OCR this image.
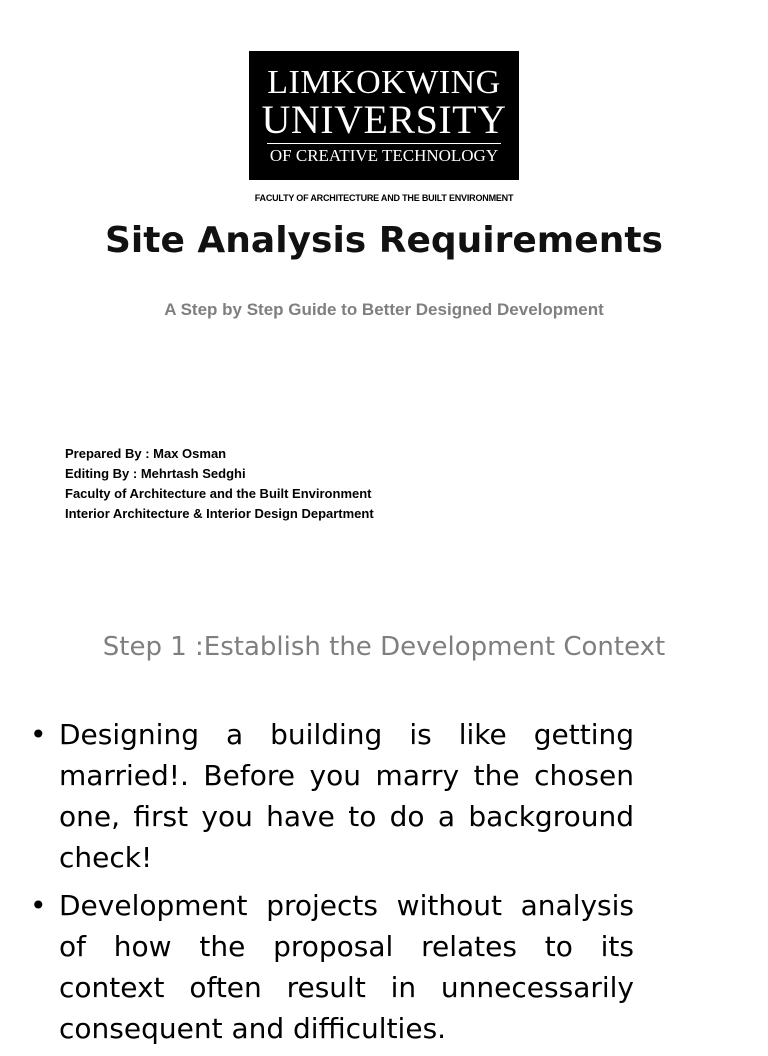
LIMKOKWING
UNIVERSITY
OF CREATIVE TECHNOLOGY
FACULTY OF ARCHITECTURE AND THE BUILT ENVIRONMENT
Site Analysis Requirements
A Step by Step Guide to Better Designed Development
Prepared By : Max Osman
Editing By : Mehrtash Sedghi
Faculty of Architecture and the Built Environment
Interior Architecture & Interior Design Department
Step 1 :Establish the Development Context
• Designing a building is like getting married!. Before you marry the chosen one, first you have to do a background check!
• Development projects without analysis of how the proposal relates to its context often result in unnecessarily consequent and difficulties.
